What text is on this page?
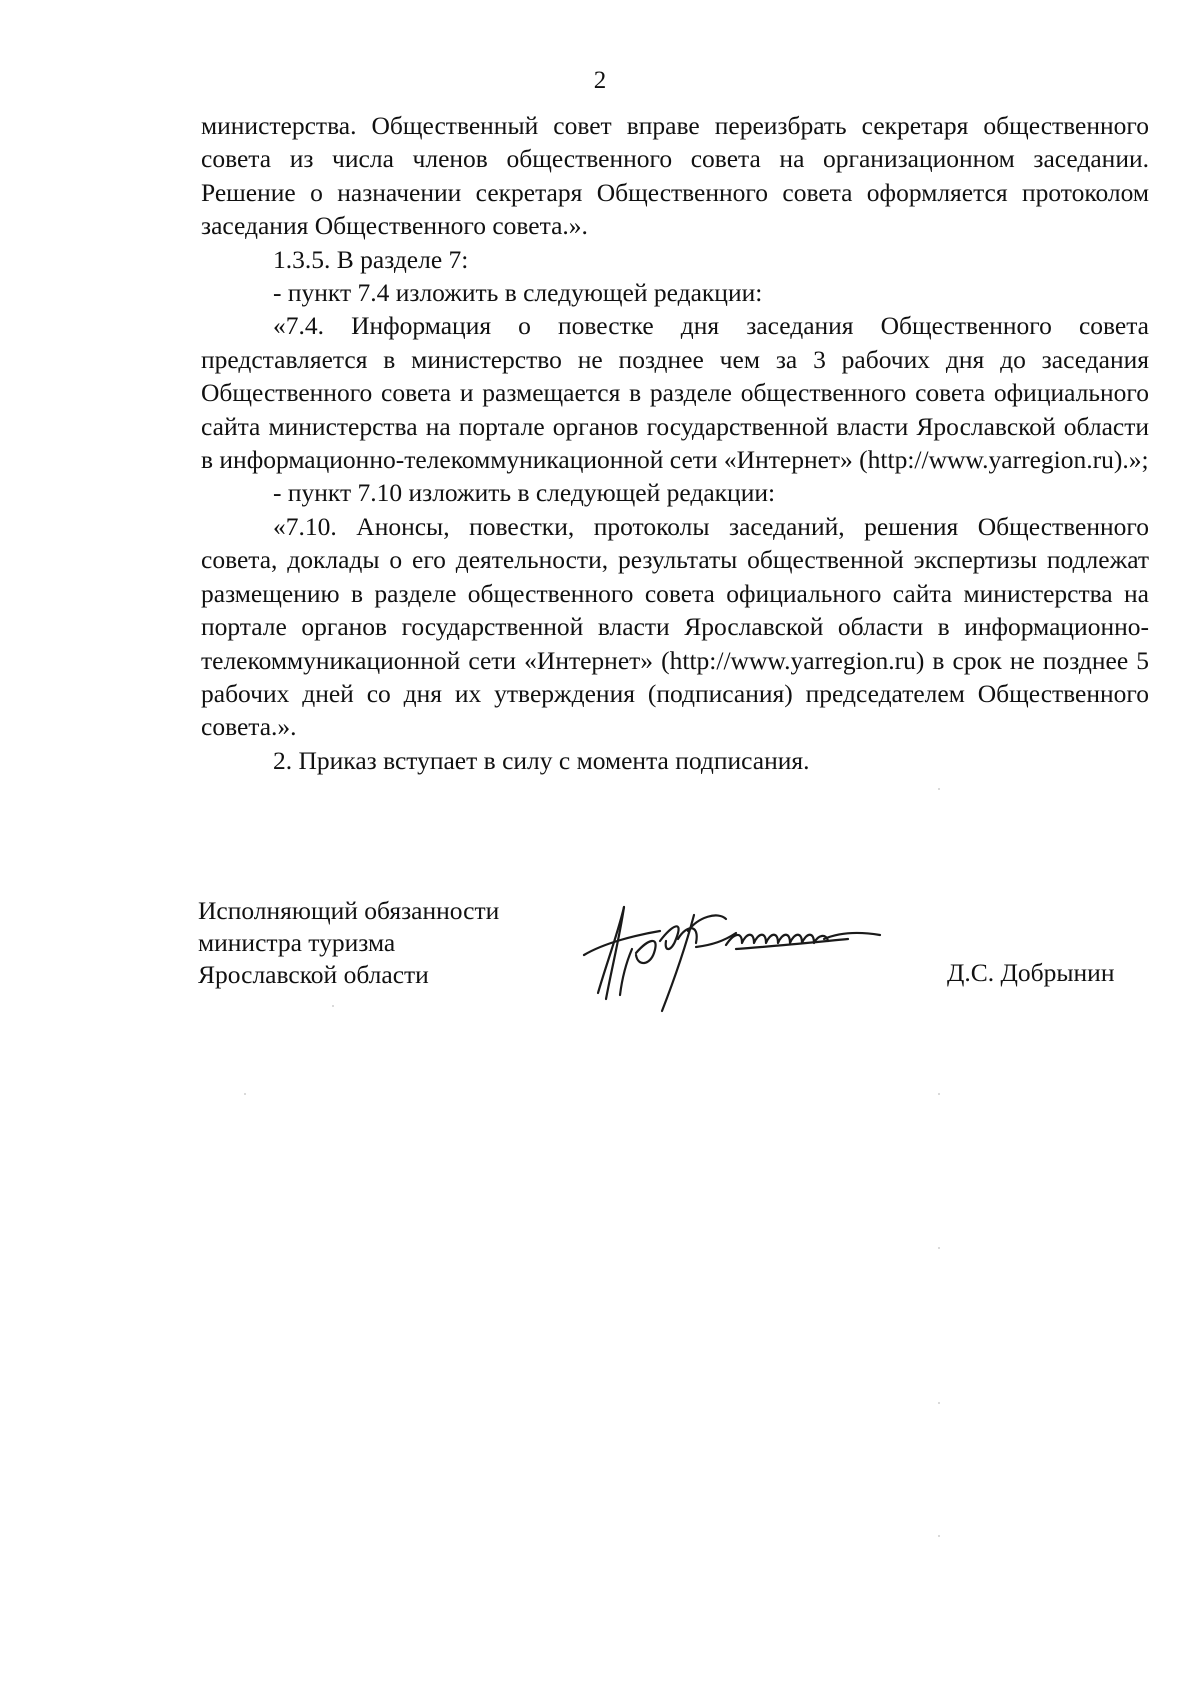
2

министерства. Общественный совет вправе переизбрать секретаря общественного совета из числа членов общественного совета на организационном заседании. Решение о назначении секретаря Общественного совета оформляется протоколом заседания Общественного совета.».

1.3.5. В разделе 7:

- пункт 7.4 изложить в следующей редакции:

«7.4. Информация о повестке дня заседания Общественного совета представляется в министерство не позднее чем за 3 рабочих дня до заседания Общественного совета и размещается в разделе общественного совета официального сайта министерства на портале органов государственной власти Ярославской области в информационно-телекоммуникационной сети «Интернет» (http://www.yarregion.ru).»;

- пункт 7.10 изложить в следующей редакции:

«7.10. Анонсы, повестки, протоколы заседаний, решения Общественного совета, доклады о его деятельности, результаты общественной экспертизы подлежат размещению в разделе общественного совета официального сайта министерства на портале органов государственной власти Ярославской области в информационно-телекоммуникационной сети «Интернет» (http://www.yarregion.ru) в срок не позднее 5 рабочих дней со дня их утверждения (подписания) председателем Общественного совета.».

2. Приказ вступает в силу с момента подписания.

Исполняющий обязанности
министра туризма
Ярославской области	Д.С. Добрынин
